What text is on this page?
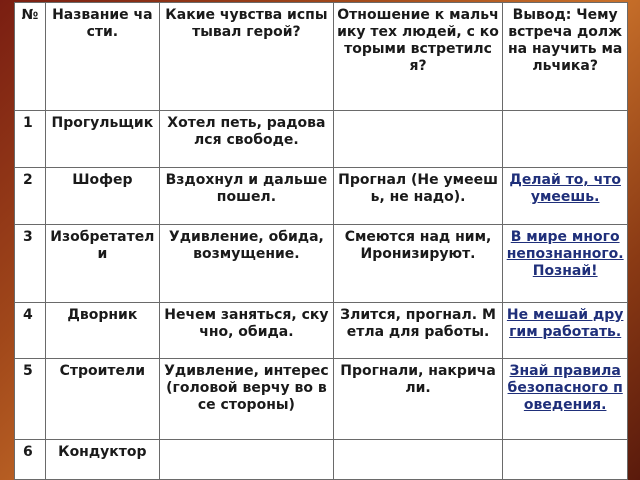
№	Название части.	Какие чувства испытывал герой?	Отношение к мальчику тех людей, с которыми встретился?	Вывод: Чему встреча должна научить мальчика?
1	Прогульщик	Хотел петь, радовался свободе.		
2	Шофер	Вздохнул и дальше пошел.	Прогнал (Не умеешь, не надо).	Делай то, что умеешь.
3	Изобретатели	Удивление, обида, возмущение.	Смеются над ним, Иронизируют.	В мире много непознанного. Познай!
4	Дворник	Нечем заняться, скучно, обида.	Злится, прогнал. Метла для работы.	Не мешай другим работать.
5	Строители	Удивление, интерес (головой верчу во все стороны)	Прогнали, накричали.	Знай правила безопасного поведения.
6	Кондуктор			
